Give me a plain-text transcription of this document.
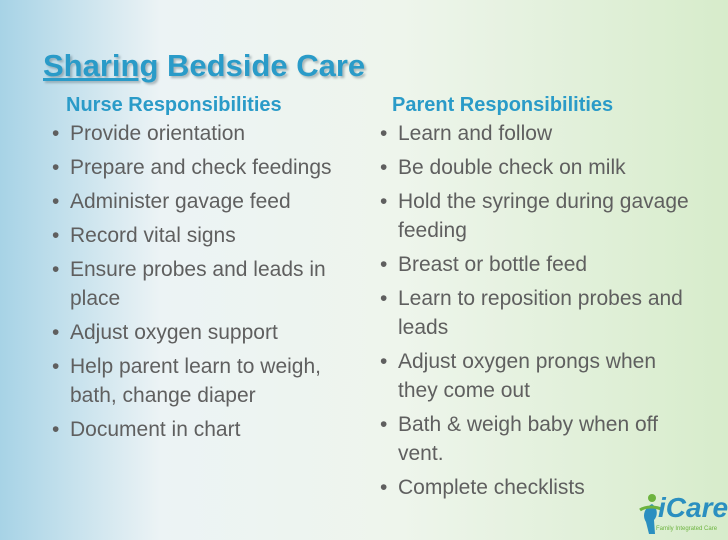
Sharing Bedside Care
Nurse Responsibilities
• Provide orientation
• Prepare and check feedings
• Administer gavage feed
• Record vital signs
• Ensure probes and leads in place
• Adjust oxygen support
• Help parent learn to weigh, bath, change diaper
• Document in chart
Parent Responsibilities
• Learn and follow
• Be double check on milk
• Hold the syringe during gavage feeding
• Breast or bottle feed
• Learn to reposition probes and leads
• Adjust oxygen prongs when they come out
• Bath & weigh baby when off vent.
• Complete checklists
iCare
Family Integrated Care
